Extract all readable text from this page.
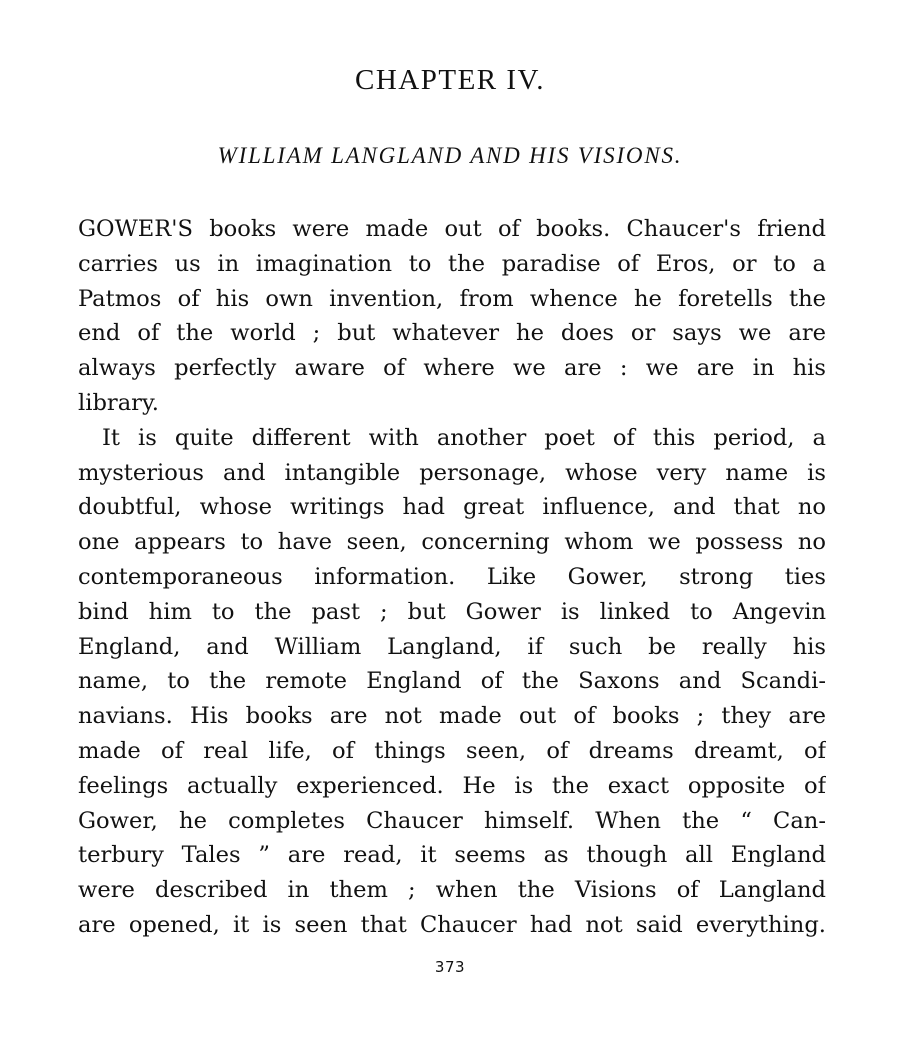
CHAPTER IV.
WILLIAM LANGLAND AND HIS VISIONS.

GOWER'S books were made out of books. Chaucer's friend
carries us in imagination to the paradise of Eros, or to a
Patmos of his own invention, from whence he foretells the
end of the world ; but whatever he does or says we are
always perfectly aware of where we are : we are in his
library.

It is quite different with another poet of this period, a
mysterious and intangible personage, whose very name is
doubtful, whose writings had great influence, and that no
one appears to have seen, concerning whom we possess no
contemporaneous information. Like Gower, strong ties
bind him to the past ; but Gower is linked to Angevin
England, and William Langland, if such be really his
name, to the remote England of the Saxons and Scandi-
navians. His books are not made out of books ; they are
made of real life, of things seen, of dreams dreamt, of
feelings actually experienced. He is the exact opposite of
Gower, he completes Chaucer himself. When the “ Can-
terbury Tales ” are read, it seems as though all England
were described in them ; when the Visions of Langland
are opened, it is seen that Chaucer had not said everything.

373
